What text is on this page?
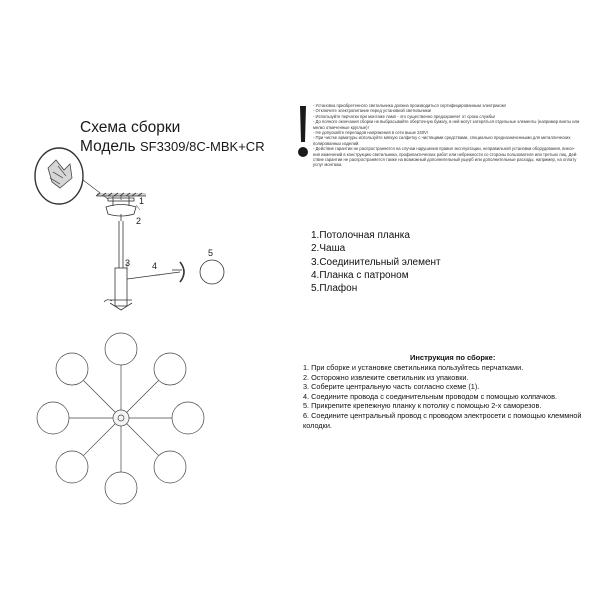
Схема сборки
Модель SF3309/8C-MBK+CR
1
2
3 4
5
- Установка приобретенного светильника должна производиться сертифицированным электриком!
- Отключите электропитание перед установкой светильника!
- Используйте перчатки при монтаже ламп - это существенно предохраняет от срока службы!
- До полного окончания сборки не выбрасывайте оберточную бумагу, в ней могут затеряться отдельные элементы (например винты или
мелко отмеченные круглые)!
- Не допускайте перепадов напряжения в сети выше 240V!
- При чистке арматуры используйте мягкую салфетку с чистящими средствами, специально предназначенными для металлических
полированных изделий.
- Действие гарантии не распространяется на случаи нарушения правил эксплуатации, неправильной установки оборудования, внесе-
ния изменений в конструкцию светильника, профилактических работ или небрежности со стороны пользователя или третьих лиц. Дей-
ствие гарантии не распространяется также на возможный дополнительный ущерб или дополнительные расходы, например, на оплату
услуг монтажа.
1.Потолочная планка
2.Чаша
3.Соединительный элемент
4.Планка с патроном
5.Плафон
Инструкция по сборке:
1. При сборке и установке светильника пользуйтесь перчатками.
2. Осторожно извлеките светильник из упаковки.
3. Соберите центральную часть согласно схеме (1).
4. Соедините провода с соединительным проводом с помощью колпачков.
5. Прикрепите крепежную планку к потолку с помощью 2-х саморезов.
6. Соедините центральный провод с проводом электросети с помощью клеммной колодки.
